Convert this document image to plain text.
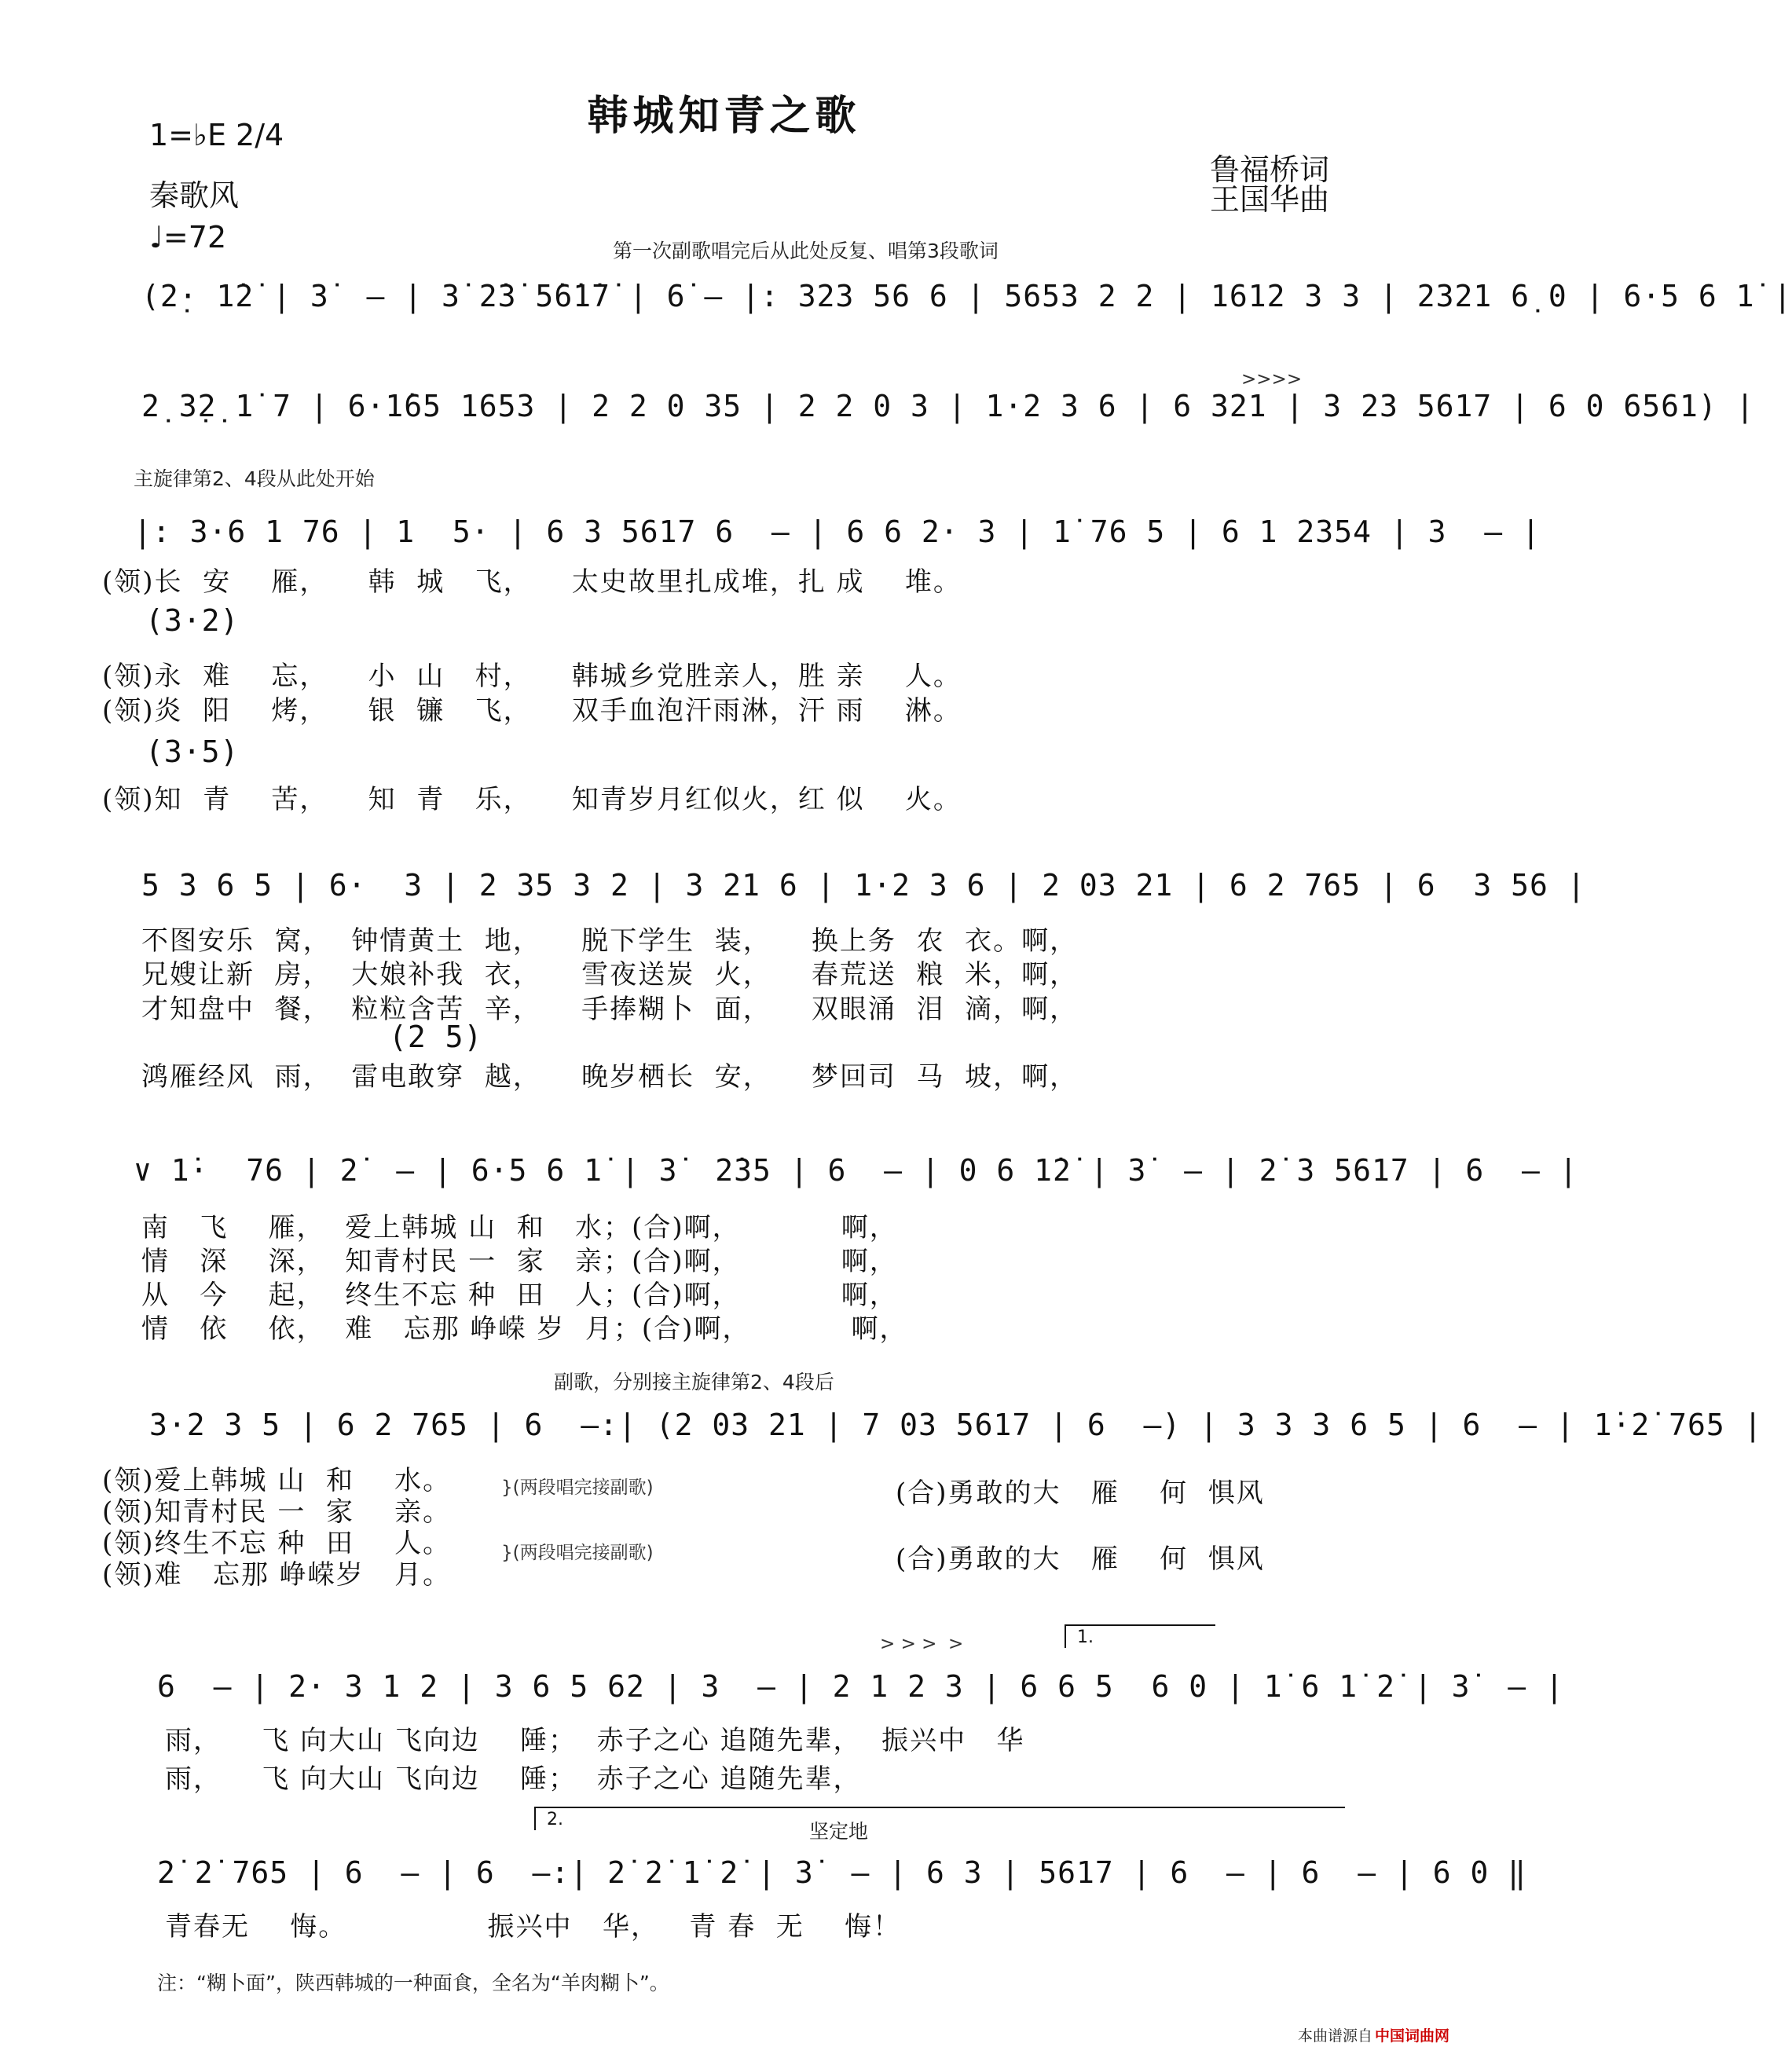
韩城知青之歌
1=♭E 2/4
秦歌风
♩=72
鲁福桥词
王国华曲
第一次副歌唱完后从此处反复、唱第3段歌词
(2̣· 1̇2̇ | 3̇  — | 3̇ 2̇3̇ 5̇6̇1̇7̇ | 6̇ — |: 323 56 6 | 5653 2 2 | 1612 3 3 | 2321 6̣ 0 | 6·5 6 1̇ |
>>>>
2̣ 3̣2̣ 1̇ 7 | 6·1̇65 1653 | 2 2 0 35 | 2 2 0 3 | 1·2 3 6 | 6 321 | 3 23 5617 | 6 0 6561) |
主旋律第2、4段从此处开始
|: 3·6 1 76 | 1  5· | 6 3 5617 6  — | 6 6 2· 3 | 1̇ 76 5 | 6 1 2354 | 3  — |
(领)长  安    雁，    韩  城   飞，    太史故里扎成堆，扎 成    堆。
(3·2)
(领)永  难    忘，    小  山   村，    韩城乡党胜亲人，胜 亲    人。
(领)炎  阳    烤，    银  镰   飞，    双手血泡汗雨淋，汗 雨    淋。
(3·5)
(领)知  青    苦，    知  青   乐，    知青岁月红似火，红 似    火。
5 3 6 5 | 6·  3 | 2 35 3 2 | 3 21 6 | 1·2 3 6 | 2 03 21 | 6 2 765 | 6  3 56 |
不图安乐  窝，  钟情黄土  地，    脱下学生  装，    换上务  农  衣。啊，
兄嫂让新  房，  大娘补我  衣，    雪夜送炭  火，    春荒送  粮  米，啊，
才知盘中  餐，  粒粒含苦  辛，    手捧糊卜  面，    双眼涌  泪  滴，啊，
(2 5)
鸿雁经风  雨，  雷电敢穿  越，    晚岁栖长  安，    梦回司  马  坡，啊，
∨ 1̇·  76 | 2̇  — | 6·5 6 1̇ | 3̇  2̇35 | 6  — | 0 6 1̇2̇ | 3̇  — | 2̇ 3 5617 | 6  — |
南   飞    雁，  爱上韩城 山  和   水；(合)啊，          啊，
情   深    深，  知青村民 一  家   亲；(合)啊，          啊，
从   今    起，  终生不忘 种  田   人；(合)啊，          啊，
情   依    依，  难   忘那 峥嵘 岁  月；(合)啊，          啊，
副歌，分别接主旋律第2、4段后
3·2 3 5 | 6 2 765 | 6  —:| (2 03 21 | 7 03 5617 | 6  —) | 3 3 3 6 5 | 6  — | 1̇·2̇ 765 |
(领)爱上韩城 山  和    水。
(领)知青村民 一  家    亲。
(领)终生不忘 种  田    人。
(领)难   忘那 峥嵘岁   月。
}(两段唱完接副歌)
}(两段唱完接副歌)
(合)勇敢的大   雁    何  惧风
(合)勇敢的大   雁    何  惧风
1.
> > >  >
6  — | 2· 3 1 2 | 3 6 5 62 | 3  — | 2 1 2 3 | 6 6 5  6 0 | 1̇ 6 1̇ 2̇ | 3̇  — |
雨，    飞 向大山 飞向边    陲；  赤子之心 追随先辈，  振兴中   华
雨，    飞 向大山 飞向边    陲；  赤子之心 追随先辈，
2.
坚定地
2̇ 2̇ 765 | 6  — | 6  —:| 2̇ 2̇ 1̇ 2̇ | 3̇  — | 6 3 | 5617 | 6  — | 6  — | 6 0 ‖
青春无    悔。              振兴中   华，   青 春  无    悔！
注：“糊卜面”，陕西韩城的一种面食，全名为“羊肉糊卜”。
本曲谱源自 中国词曲网
